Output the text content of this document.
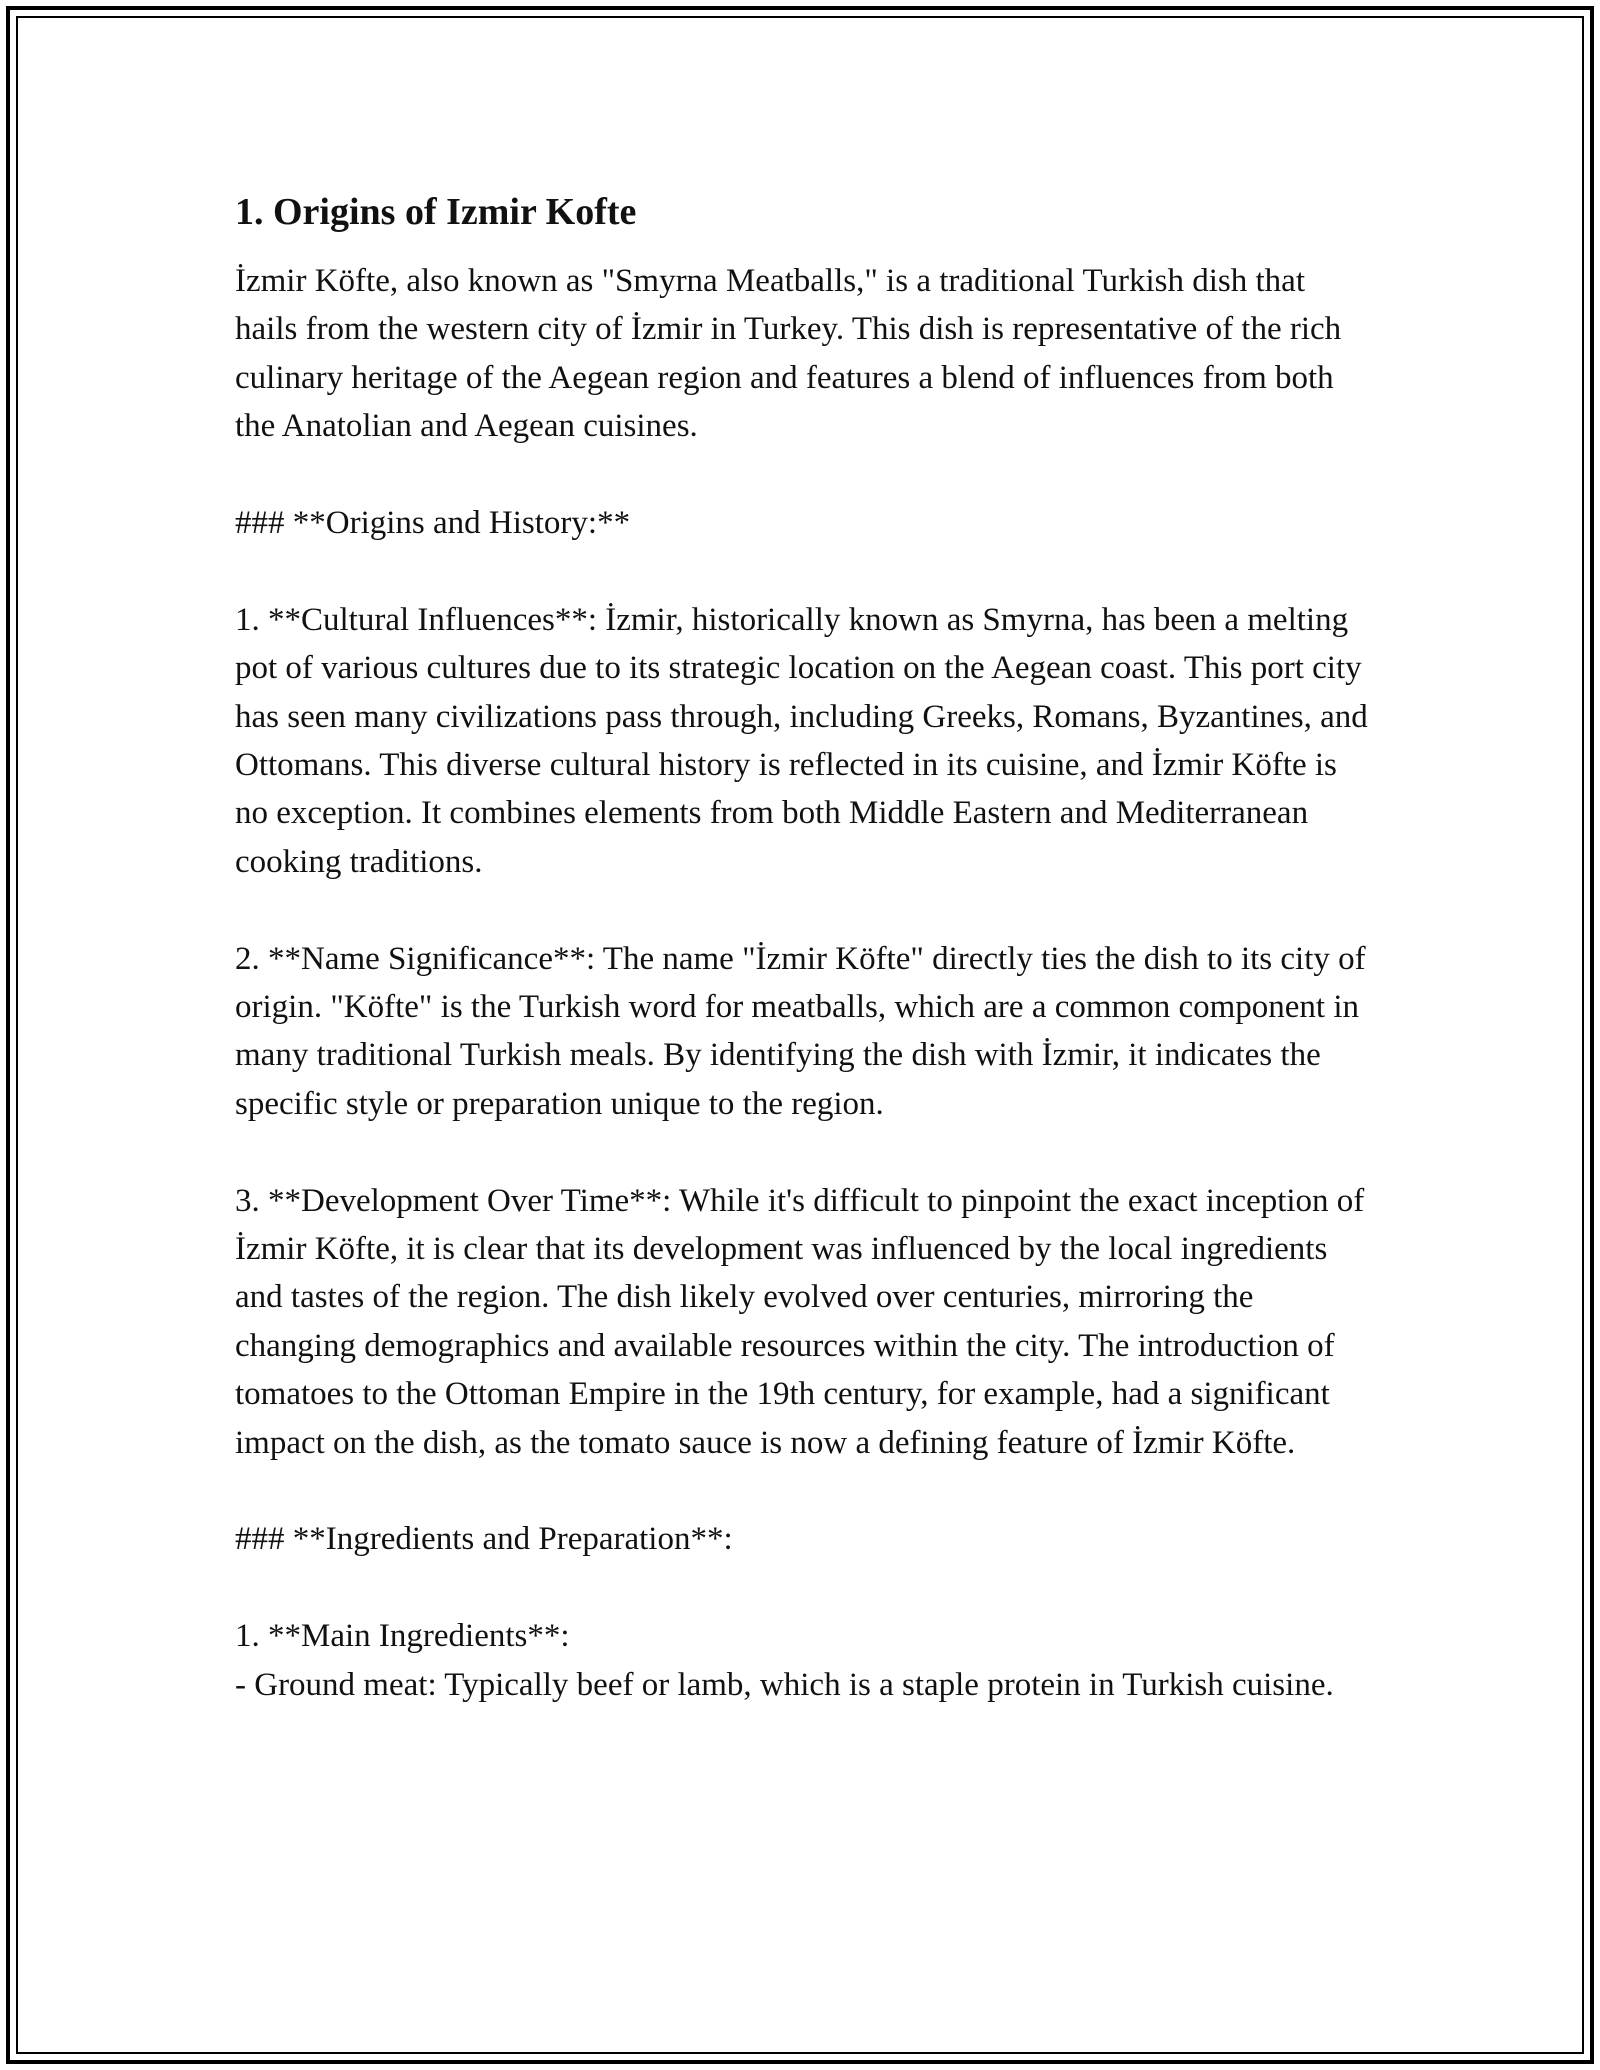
1. Origins of Izmir Kofte

İzmir Köfte, also known as "Smyrna Meatballs," is a traditional Turkish dish that hails from the western city of İzmir in Turkey. This dish is representative of the rich culinary heritage of the Aegean region and features a blend of influences from both the Anatolian and Aegean cuisines.

### **Origins and History:**

1. **Cultural Influences**: İzmir, historically known as Smyrna, has been a melting pot of various cultures due to its strategic location on the Aegean coast. This port city has seen many civilizations pass through, including Greeks, Romans, Byzantines, and Ottomans. This diverse cultural history is reflected in its cuisine, and İzmir Köfte is no exception. It combines elements from both Middle Eastern and Mediterranean cooking traditions.

2. **Name Significance**: The name "İzmir Köfte" directly ties the dish to its city of origin. "Köfte" is the Turkish word for meatballs, which are a common component in many traditional Turkish meals. By identifying the dish with İzmir, it indicates the specific style or preparation unique to the region.

3. **Development Over Time**: While it's difficult to pinpoint the exact inception of İzmir Köfte, it is clear that its development was influenced by the local ingredients and tastes of the region. The dish likely evolved over centuries, mirroring the changing demographics and available resources within the city. The introduction of tomatoes to the Ottoman Empire in the 19th century, for example, had a significant impact on the dish, as the tomato sauce is now a defining feature of İzmir Köfte.

### **Ingredients and Preparation**:

1. **Main Ingredients**:
- Ground meat: Typically beef or lamb, which is a staple protein in Turkish cuisine.
